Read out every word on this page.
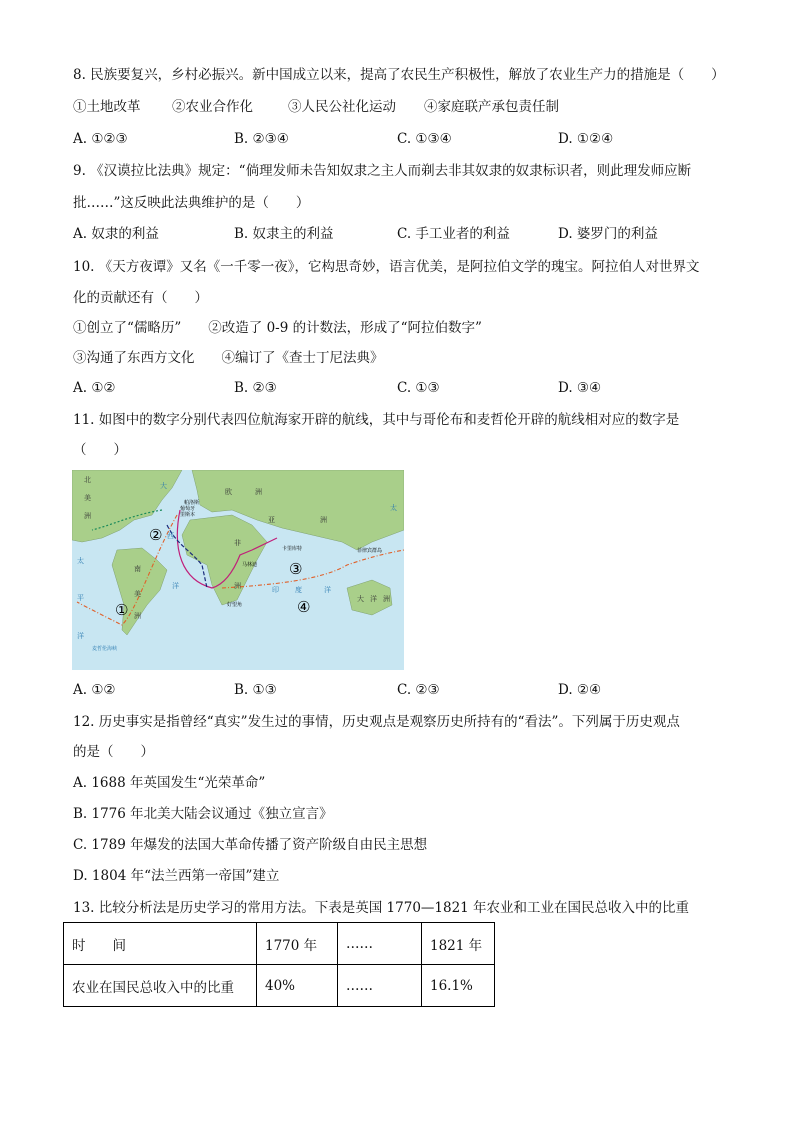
8. 民族要复兴，乡村必振兴。新中国成立以来，提高了农民生产积极性，解放了农业生产力的措施是（　　）
①土地改革 ②农业合作化	③人民公社化运动 ④家庭联产承包责任制
A. ①②③	B. ②③④	C. ①③④	D. ①②④
9. 《汉谟拉比法典》规定：“倘理发师未告知奴隶之主人而剃去非其奴隶的奴隶标识者，则此理发师应断
批……”这反映此法典维护的是（　　）
A. 奴隶的利益	B. 奴隶主的利益	C. 手工业者的利益	D. 婆罗门的利益
10. 《天方夜谭》又名《一千零一夜》，它构思奇妙，语言优美，是阿拉伯文学的瑰宝。阿拉伯人对世界文
化的贡献还有（　　）
①创立了“儒略历”　　②改造了 0-9 的计数法，形成了“阿拉伯数字”
③沟通了东西方文化　　④编订了《查士丁尼法典》
A. ①②	B. ②③	C. ①③	D. ③④
11. 如图中的数字分别代表四位航海家开辟的航线，其中与哥伦布和麦哲伦开辟的航线相对应的数字是
（　　）
①
②
③
④
北
美
洲
太
欧	洲
亚	洲
非
洲
南
美
洲
大
西
洋	印 度	洋
太
平
洋
大 洋 洲
帕洛斯
葡萄牙
里斯本
卡里库特
马林迪
好望角
菲律宾群岛
麦哲伦海峡
A. ①②	B. ①③	C. ②③	D. ②④
12. 历史事实是指曾经“真实”发生过的事情，历史观点是观察历史所持有的“看法”。下列属于历史观点
的是（　　）
A. 1688 年英国发生“光荣革命”
B. 1776 年北美大陆会议通过《独立宣言》
C. 1789 年爆发的法国大革命传播了资产阶级自由民主思想
D. 1804 年“法兰西第一帝国”建立
13. 比较分析法是历史学习的常用方法。下表是英国 1770—1821 年农业和工业在国民总收入中的比重
时　　间	1770 年	……	1821 年
农业在国民总收入中的比重	40%	……	16.1%
